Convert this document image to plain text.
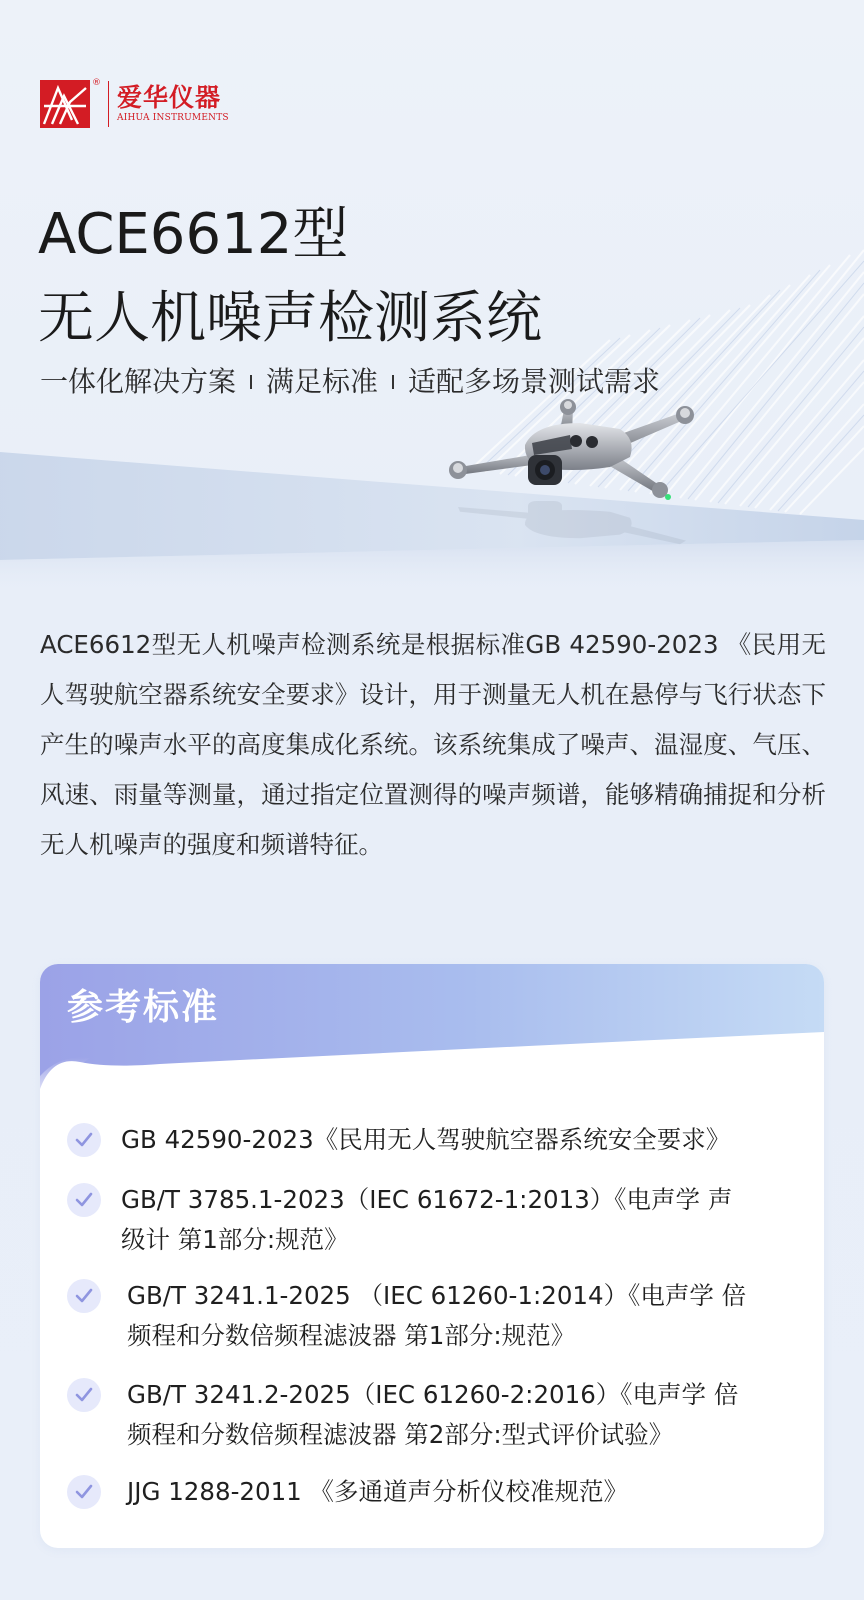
® 爱华仪器
AIHUA INSTRUMENTS
ACE6612型
无人机噪声检测系统
一体化解决方案 满足标准 适配多场景测试需求

ACE6612型无人机噪声检测系统是根据标准GB 42590-2023 《民用无人驾驶航空器系统安全要求》设计，用于测量无人机在悬停与飞行状态下产生的噪声水平的高度集成化系统。该系统集成了噪声、温湿度、气压、风速、雨量等测量，通过指定位置测得的噪声频谱，能够精确捕捉和分析无人机噪声的强度和频谱特征。

参考标准
GB 42590-2023《民用无人驾驶航空器系统安全要求》
GB/T 3785.1-2023（IEC 61672-1:2013）《电声学 声
级计 第1部分:规范》
GB/T 3241.1-2025 （IEC 61260-1:2014）《电声学 倍
频程和分数倍频程滤波器 第1部分:规范》
GB/T 3241.2-2025（IEC 61260-2:2016）《电声学 倍
频程和分数倍频程滤波器 第2部分:型式评价试验》
JJG 1288-2011 《多通道声分析仪校准规范》
